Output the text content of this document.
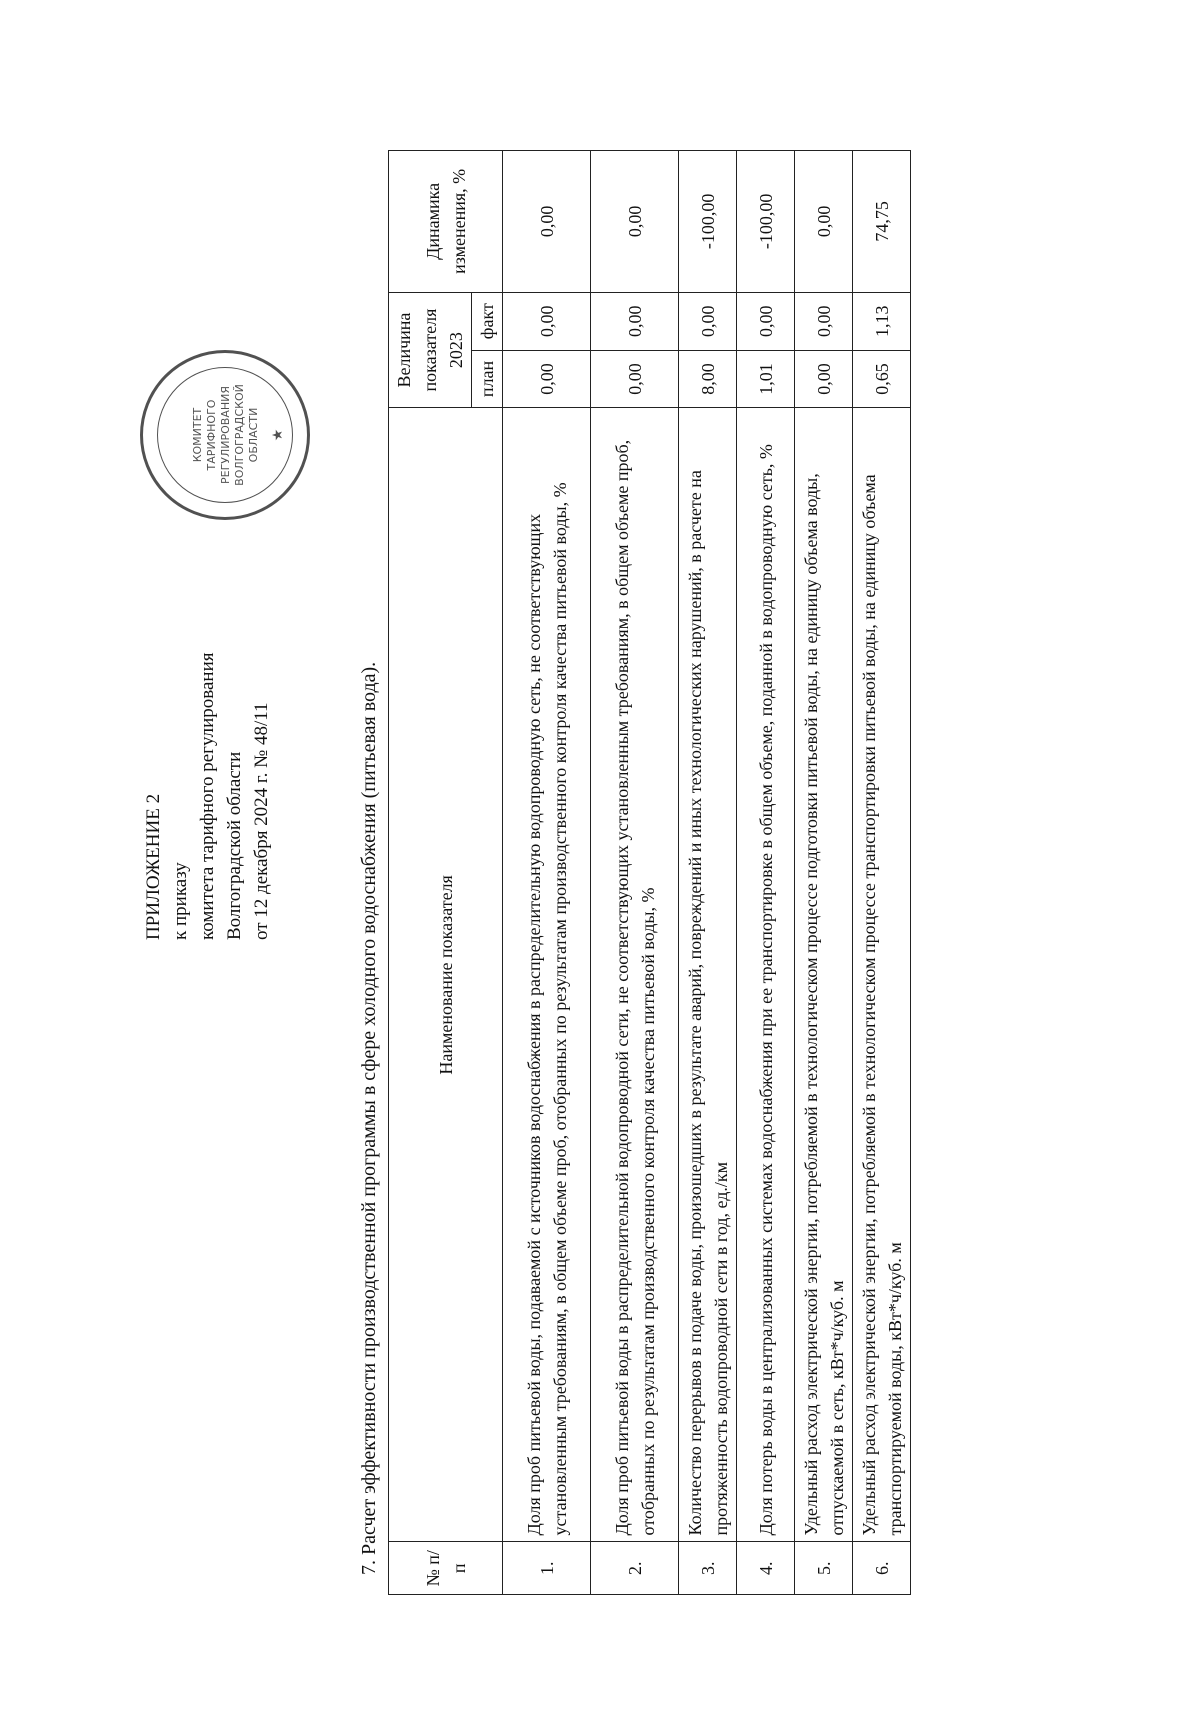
ПРИЛОЖЕНИЕ 2 к приказу комитета тарифного регулирования Волгоградской области от 12 декабря 2024 г. № 48/11
КОМИТЕТ ТАРИФНОГО РЕГУЛИРОВАНИЯ ВОЛГОГРАДСКОЙ ОБЛАСТИ ★
7. Расчет эффективности производственной программы в сфере холодного водоснабжения (питьевая вода). № п/п	Наименование показателя	Величина показателя 2023		Динамика изменения, %
		план	факт	
1.	Доля проб питьевой воды, подаваемой с источников водоснабжения в распределительную водопроводную сеть, не соответствующих установленным требованиям, в общем объеме проб, отобранных по результатам производственного контроля качества питьевой воды, %	0,00	0,00	0,00
2.	Доля проб питьевой воды в распределительной водопроводной сети, не соответствующих установленным требованиям, в общем объеме проб, отобранных по результатам производственного контроля качества питьевой воды, %	0,00	0,00	0,00
3.	Количество перерывов в подаче воды, произошедших в результате аварий, повреждений и иных технологических нарушений, в расчете на протяженность водопроводной сети в год, ед./км	8,00	0,00	-100,00
4.	Доля потерь воды в централизованных системах водоснабжения при ее транспортировке в общем объеме, поданной в водопроводную сеть, %	1,01	0,00	-100,00
5.	Удельный расход электрической энергии, потребляемой в технологическом процессе подготовки питьевой воды, на единицу объема воды, отпускаемой в сеть, кВт*ч/куб. м	0,00	0,00	0,00
6.	Удельный расход электрической энергии, потребляемой в технологическом процессе транспортировки питьевой воды, на единицу объема транспортируемой воды, кВт*ч/куб. м	0,65	1,13	74,75
